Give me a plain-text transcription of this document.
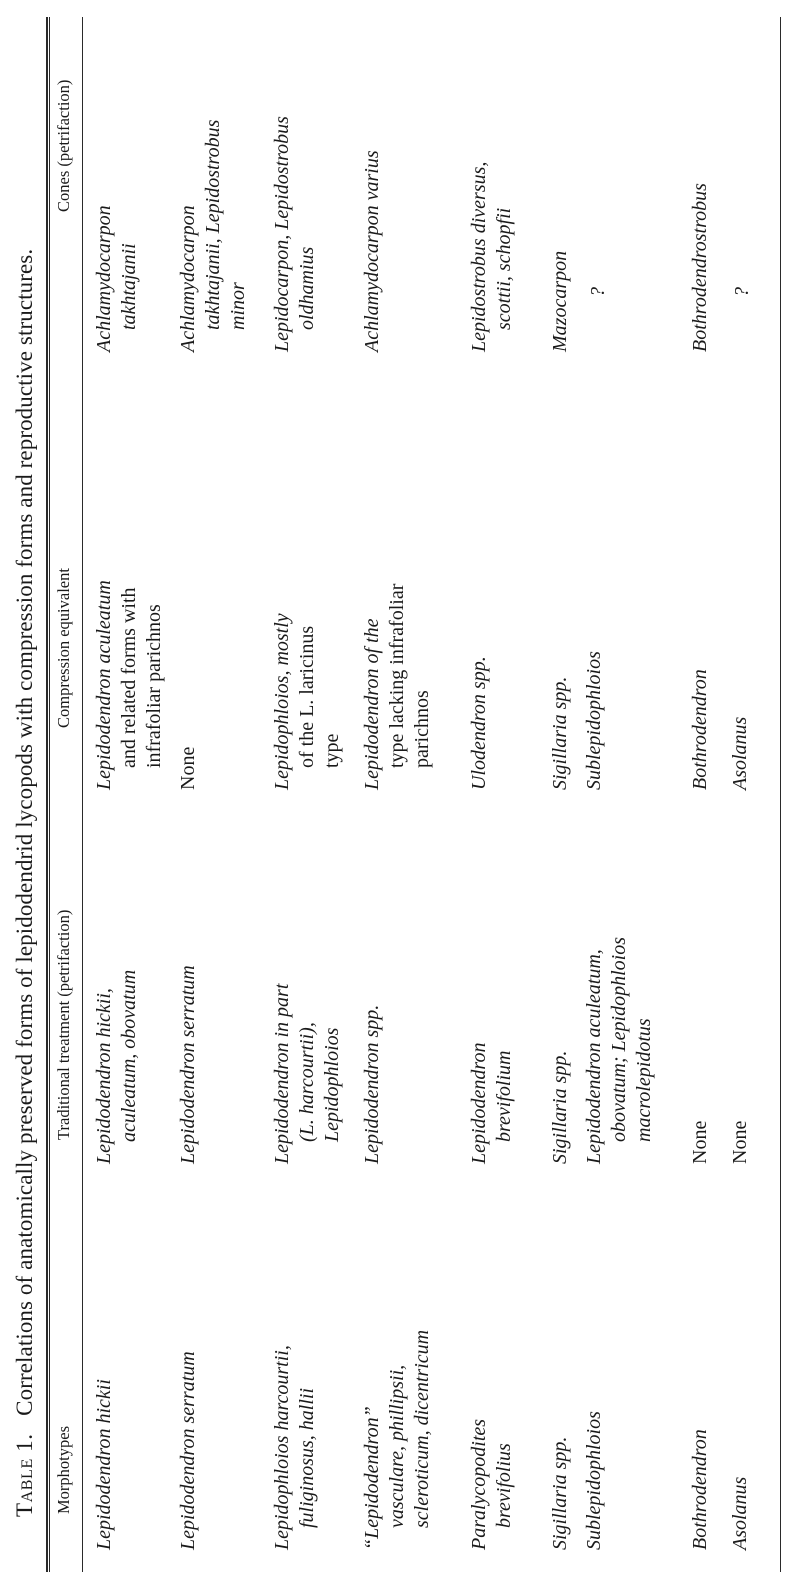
Table 1.   Correlations of anatomically preserved forms of lepidodendrid lycopods with compression forms and reproductive structures.
Morphotypes
Traditional treatment (petrifaction)
Compression equivalent
Cones (petrifaction)
Lepidodendron hickii
Lepidodendron hickii, aculeatum, obovatum
Lepidodendron aculeatum and related forms with infrafoliar parichnos
Achlamydocarpon takhtajanii
Lepidodendron serratum
Lepidodendron serratum
None
Achlamydocarpon takhtajanii, Lepidostrobus minor
Lepidophloios harcourtii, fuliginosus, hallii
Lepidodendron in part (L. harcourtii), Lepidophloios
Lepidophloios, mostly of the L. laricinus type
Lepidocarpon, Lepidostrobus oldhamius
“Lepidodendron” vasculare, phillipsii, scleroticum, dicentricum
Lepidodendron spp.
Lepidodendron of the type lacking infrafoliar parichnos
Achlamydocarpon varius
Paralycopodites brevifolius
Lepidodendron brevifolium
Ulodendron spp.
Lepidostrobus diversus, scottii, schopfii
Sigillaria spp.
Sigillaria spp.
Sigillaria spp.
Mazocarpon
Sublepidophloios
Lepidodendron aculeatum, obovatum; Lepidophloios macrolepidotus
Sublepidophloios
?
Bothrodendron
None
Bothrodendron
Bothrodendrostrobus
Asolanus
None
Asolanus
?
